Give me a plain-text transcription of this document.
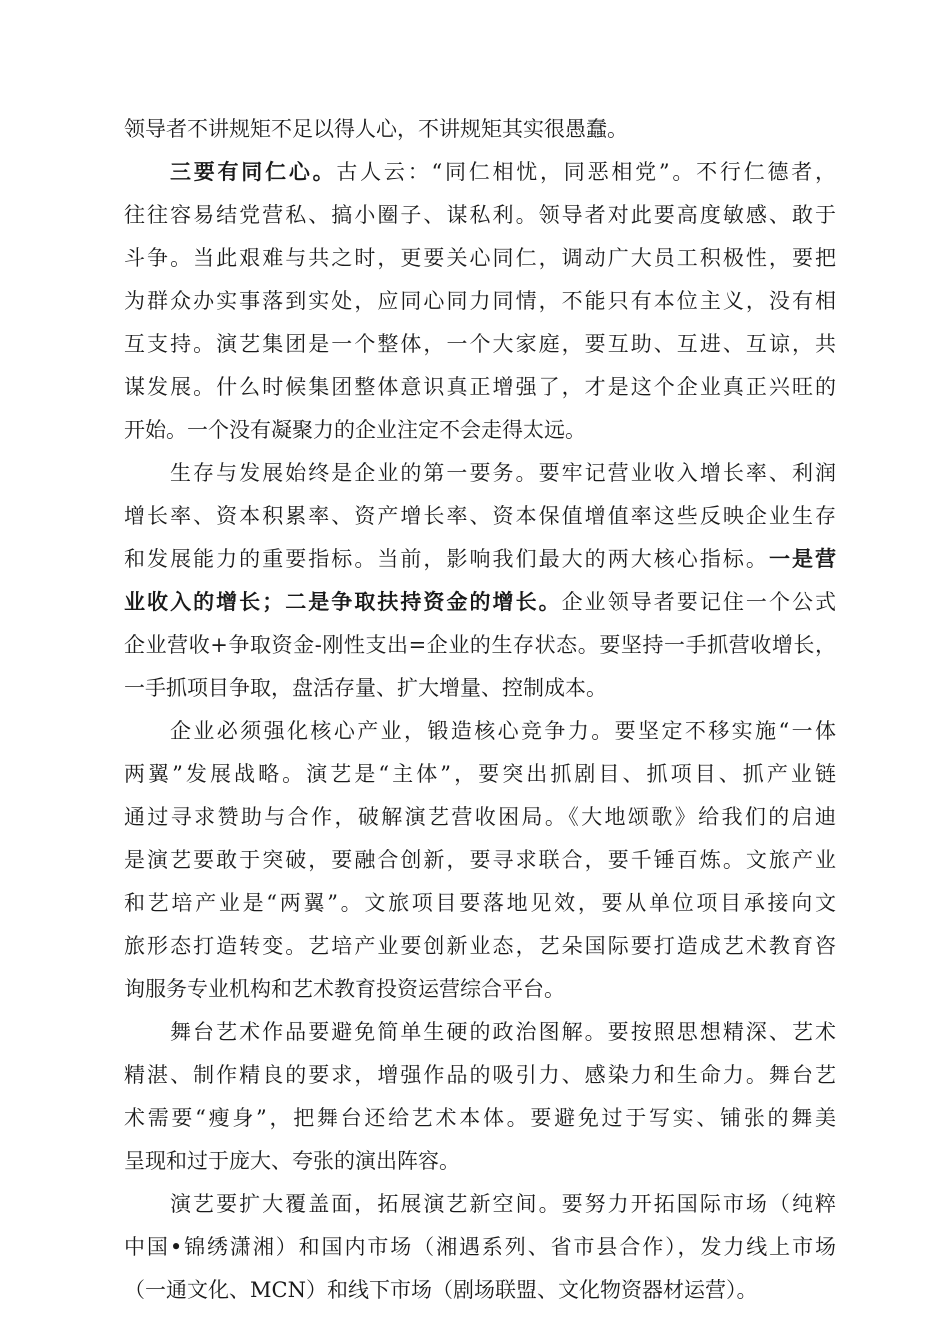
领导者不讲规矩不足以得人心，不讲规矩其实很愚蠢。
三要有同仁心。古人云：“同仁相忧，同恶相党”。不行仁德者，
往往容易结党营私、搞小圈子、谋私利。领导者对此要高度敏感、敢于
斗争。当此艰难与共之时，更要关心同仁，调动广大员工积极性，要把
为群众办实事落到实处，应同心同力同情，不能只有本位主义，没有相
互支持。演艺集团是一个整体，一个大家庭，要互助、互进、互谅，共
谋发展。什么时候集团整体意识真正增强了，才是这个企业真正兴旺的
开始。一个没有凝聚力的企业注定不会走得太远。
生存与发展始终是企业的第一要务。要牢记营业收入增长率、利润
增长率、资本积累率、资产增长率、资本保值增值率这些反映企业生存
和发展能力的重要指标。当前，影响我们最大的两大核心指标。一是营
业收入的增长；二是争取扶持资金的增长。企业领导者要记住一个公式
企业营收+争取资金-刚性支出=企业的生存状态。要坚持一手抓营收增长，
一手抓项目争取，盘活存量、扩大增量、控制成本。
企业必须强化核心产业，锻造核心竞争力。要坚定不移实施“一体
两翼”发展战略。演艺是“主体”，要突出抓剧目、抓项目、抓产业链
通过寻求赞助与合作，破解演艺营收困局。《大地颂歌》给我们的启迪
是演艺要敢于突破，要融合创新，要寻求联合，要千锤百炼。文旅产业
和艺培产业是“两翼”。文旅项目要落地见效，要从单位项目承接向文
旅形态打造转变。艺培产业要创新业态，艺朵国际要打造成艺术教育咨
询服务专业机构和艺术教育投资运营综合平台。
舞台艺术作品要避免简单生硬的政治图解。要按照思想精深、艺术
精湛、制作精良的要求，增强作品的吸引力、感染力和生命力。舞台艺
术需要“瘦身”，把舞台还给艺术本体。要避免过于写实、铺张的舞美
呈现和过于庞大、夸张的演出阵容。
演艺要扩大覆盖面，拓展演艺新空间。要努力开拓国际市场（纯粹
中国•锦绣潇湘）和国内市场（湘遇系列、省市县合作），发力线上市场
（一通文化、MCN）和线下市场（剧场联盟、文化物资器材运营）。
